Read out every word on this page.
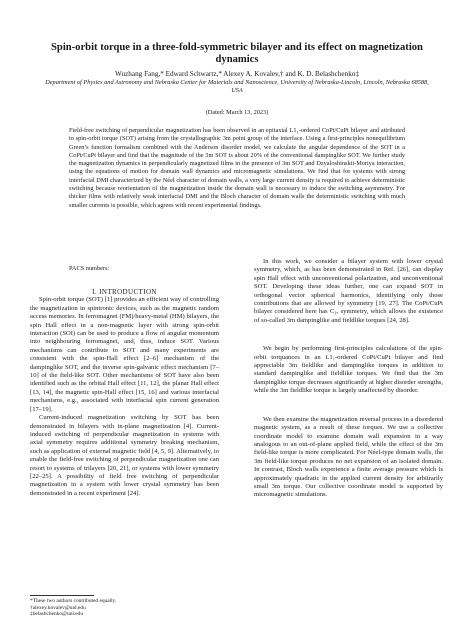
Spin-orbit torque in a three-fold-symmetric bilayer and its effect on magnetization dynamics
Wuzhang Fang,* Edward Schwartz,* Alexey A. Kovalev,† and K. D. Belashchenko‡
Department of Physics and Astronomy and Nebraska Center for Materials and Nanoscience, University of Nebraska-Lincoln, Lincoln, Nebraska 68588, USA
(Dated: March 13, 2023)
Field-free switching of perpendicular magnetization has been observed in an epitaxial L1₁-ordered CoPt/CuPt bilayer and attributed to spin-orbit torque (SOT) arising from the crystallographic 3m point group of the interface. Using a first-principles nonequilibrium Green’s function formalism combined with the Anderson disorder model, we calculate the angular dependence of the SOT in a CoPt/CuPt bilayer and find that the magnitude of the 3m SOT is about 20% of the conventional dampinglike SOT. We further study the magnetization dynamics in perpendicularly magnetized films in the presence of 3m SOT and Dzyaloshinskii-Moriya interaction, using the equations of motion for domain wall dynamics and micromagnetic simulations. We find that for systems with strong interfacial DMI characterized by the Néel character of domain walls, a very large current density is required to achieve deterministic switching because reorientation of the magnetization inside the domain wall is necessary to induce the switching asymmetry. For thicker films with relatively weak interfacial DMI and the Bloch character of domain walls the deterministic switching with much smaller currents is possible, which agrees with recent experimental findings.
PACS numbers:

I. INTRODUCTION

Spin-orbit torque (SOT) [1] provides an efficient way of controlling the magnetization in spintronic devices, such as the magnetic random access memories. In ferromagnet (FM)/heavy-metal (HM) bilayers, the spin Hall effect in a non-magnetic layer with strong spin-orbit interaction (SOI) can be used to produce a flow of angular momentum into neighbouring ferromagnet, and, thus, induce SOT. Various mechanisms can contribute to SOT and many experiments are consistent with the spin-Hall effect [2–6] mechanism of the dampinglike SOT, and the inverse spin-galvanic effect mechanism [7–10] of the field-like SOT. Other mechanisms of SOT have also been identified such as the orbital Hall effect [11, 12], the planar Hall effect [13, 14], the magnetic spin-Hall effect [15, 16] and various interfacial mechanisms, e.g., associated with interfacial spin current generation [17–19].

Current-induced magnetization switching by SOT has been demonstrated in bilayers with in-plane magnetization [4]. Current-induced switching of perpendicular magnetization in systems with axial symmetry requires additional symmetry breaking mechanism, such as application of external magnetic field [4, 5, 9]. Alternatively, to enable the field-free switching of perpendicular magnetization one can resort to systems of trilayers [20, 21], or systems with lower symmetry [22–25]. A possibility of field free switching of perpendicular magnetization in a system with lower crystal symmetry has been demonstrated in a recent experiment [24].

In this work, we consider a bilayer system with lower crystal symmetry, which, as has been demonstrated in Ref. [26], can display spin Hall effect with unconventional polarization, and unconventional SOT. Developing these ideas further, one can expand SOT in orthogonal vector spherical harmonics, identifying only those contributions that are allowed by symmetry [19, 27]. The CoPt/CuPt bilayer considered here has C₃ᵥ symmetry, which allows the existence of so-called 3m dampinglike and fieldlike torques [24, 28].

We begin by performing first-principles calculations of the spin-orbit torquances in an L1₁-ordered CoPt/CuPt bilayer and find appreciable 3m fieldlike and dampinglike torques in addition to standard dampinglike and fieldlike torques. We find that the 3m dampinglike torque decreases significantly at higher disorder strengths, while the 3m fieldlike torque is largely unaffected by disorder.

We then examine the magnetization reversal process in a disordered magnetic system, as a result of these torques. We use a collective coordinate model to examine domain wall expansion in a way analogous to an out-of-plane applied field, while the effect of the 3m field-like torque is more complicated. For Néel-type domain walls, the 3m field-like torque produces no net expansion of an isolated domain. In contrast, Bloch walls experience a finite average pressure which is approximately quadratic in the applied current density for arbitrarily small 3m torque. Our collective coordinate model is supported by micromagnetic simulations.

*These two authors contributed equally.
†alexey.kovalev@unl.edu
‡belashchenko@unl.edu
